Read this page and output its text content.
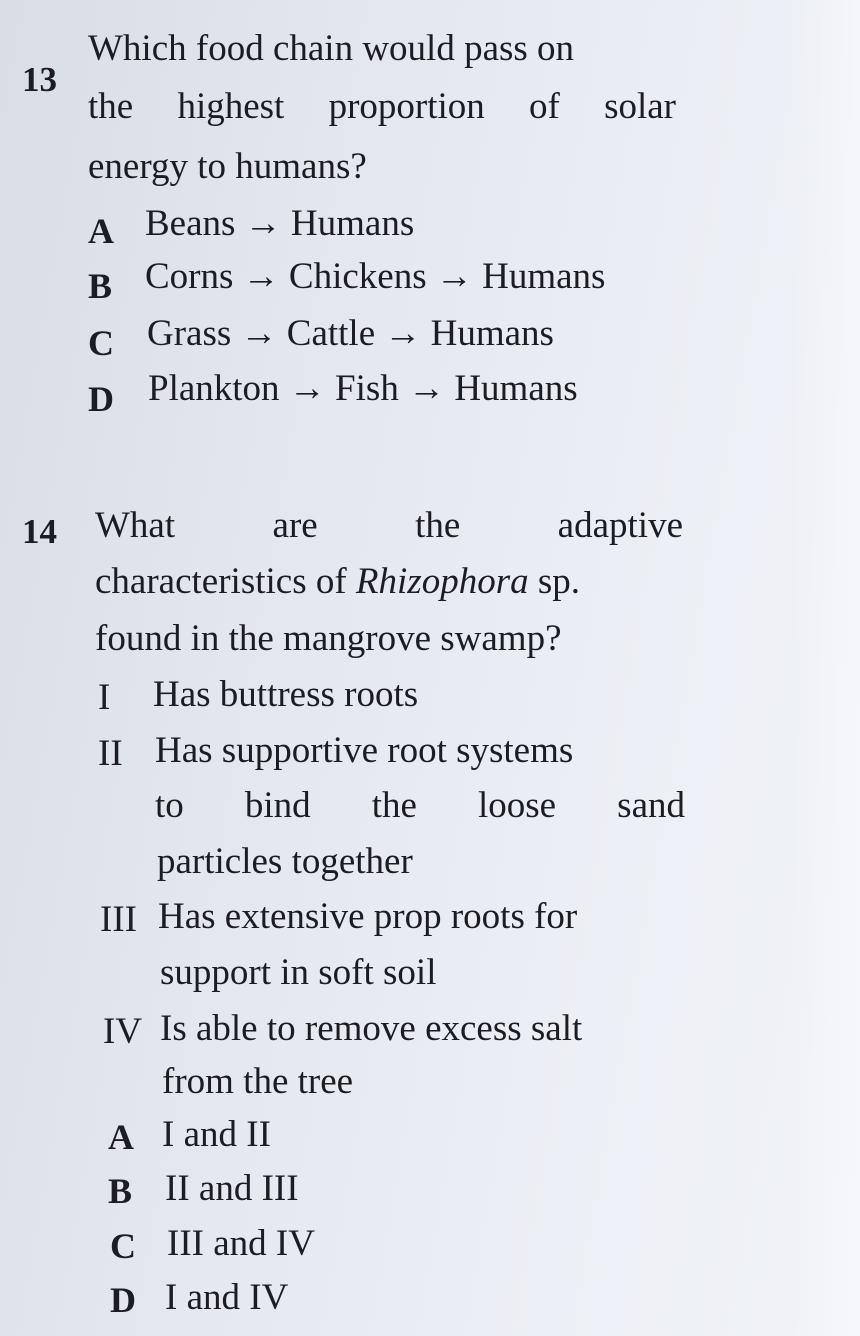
13
Which food chain would pass on
the highest proportion of solar
energy to humans?
A Beans → Humans
B Corns → Chickens → Humans
C Grass → Cattle → Humans
D Plankton → Fish → Humans
14 What are the adaptive
characteristics of Rhizophora sp.
found in the mangrove swamp?
I Has buttress roots
II Has supportive root systems
to bind the loose sand
particles together
III Has extensive prop roots for
support in soft soil
IV Is able to remove excess salt
from the tree
A I and II
B II and III
C III and IV
D I and IV
